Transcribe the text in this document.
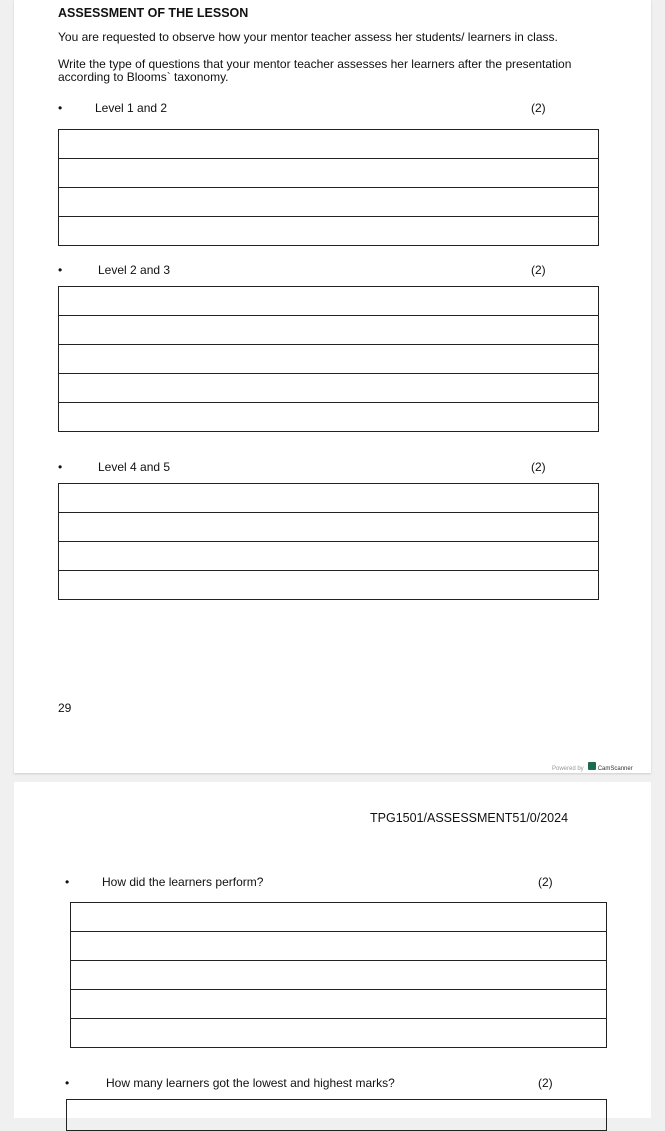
ASSESSMENT OF THE LESSON
You are requested to observe how your mentor teacher assess her students/ learners in class.
Write the type of questions that your mentor teacher assesses her learners after the presentation according to Blooms` taxonomy.
•	Level 1 and 2	(2)

•	Level 2 and 3	(2)

•	Level 4 and 5	(2)

29
Powered by CamScanner
TPG1501/ASSESSMENT51/0/2024
•	How did the learners perform?	(2)

•	How many learners got the lowest and highest marks?	(2)
